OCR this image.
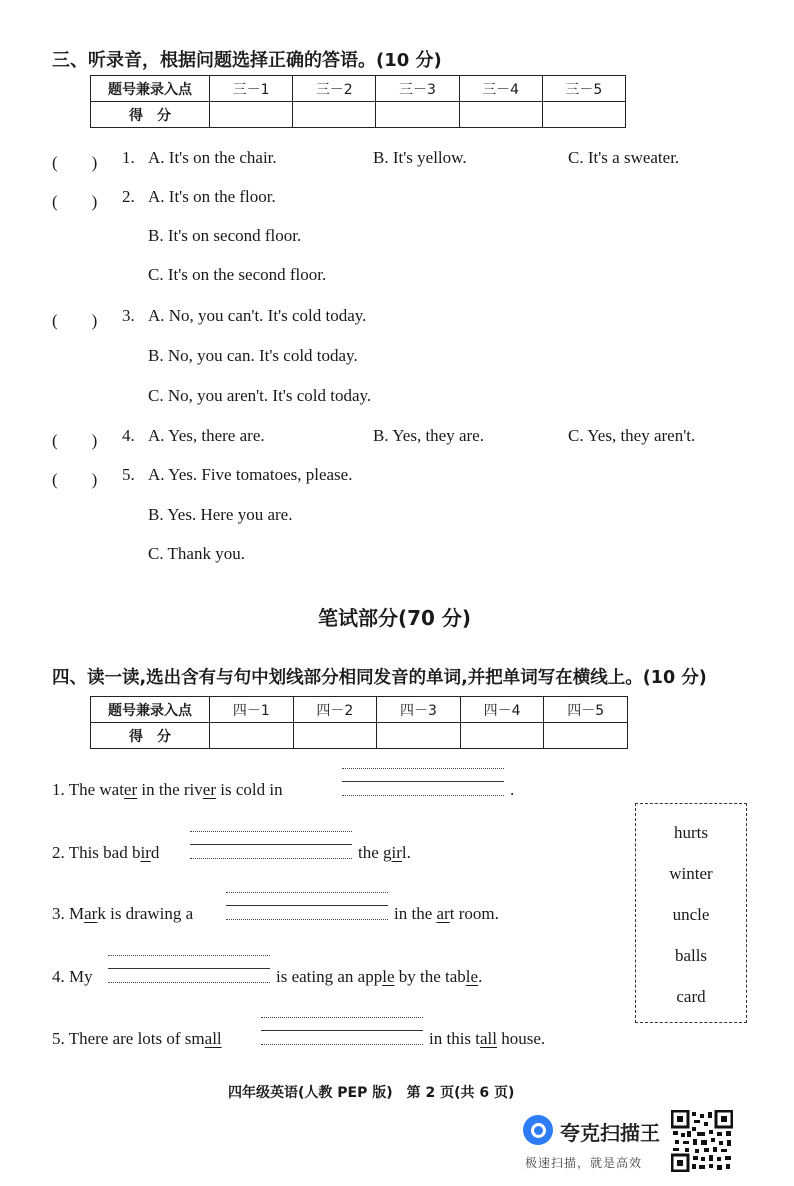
三、听录音，根据问题选择正确的答语。(10 分)
题号兼录入点	三－1	三－2	三－3	三－4	三－5
得　分					
(　　) 1. A. It's on the chair.	B. It's yellow.	C. It's a sweater.
(　　) 2. A. It's on the floor.
B. It's on second floor.
C. It's on the second floor.
(　　) 3. A. No, you can't. It's cold today.
B. No, you can. It's cold today.
C. No, you aren't. It's cold today.
(　　) 4. A. Yes, there are.	B. Yes, they are.	C. Yes, they aren't.
(　　) 5. A. Yes. Five tomatoes, please.
B. Yes. Here you are.
C. Thank you.
笔试部分(70 分)
四、读一读,选出含有与句中划线部分相同发音的单词,并把单词写在横线上。(10 分)
题号兼录入点	四－1	四－2	四－3	四－4	四－5
得　分					
1. The water in the river is cold in	.
2. This bad bird	the girl.
3. Mark is drawing a	in the art room.
4. My	is eating an apple by the table.
5. There are lots of small	in this tall house.
hurts
winter
uncle
balls
card
四年级英语(人教 PEP 版)　第 2 页(共 6 页)
夸克扫描王
极速扫描，就是高效
